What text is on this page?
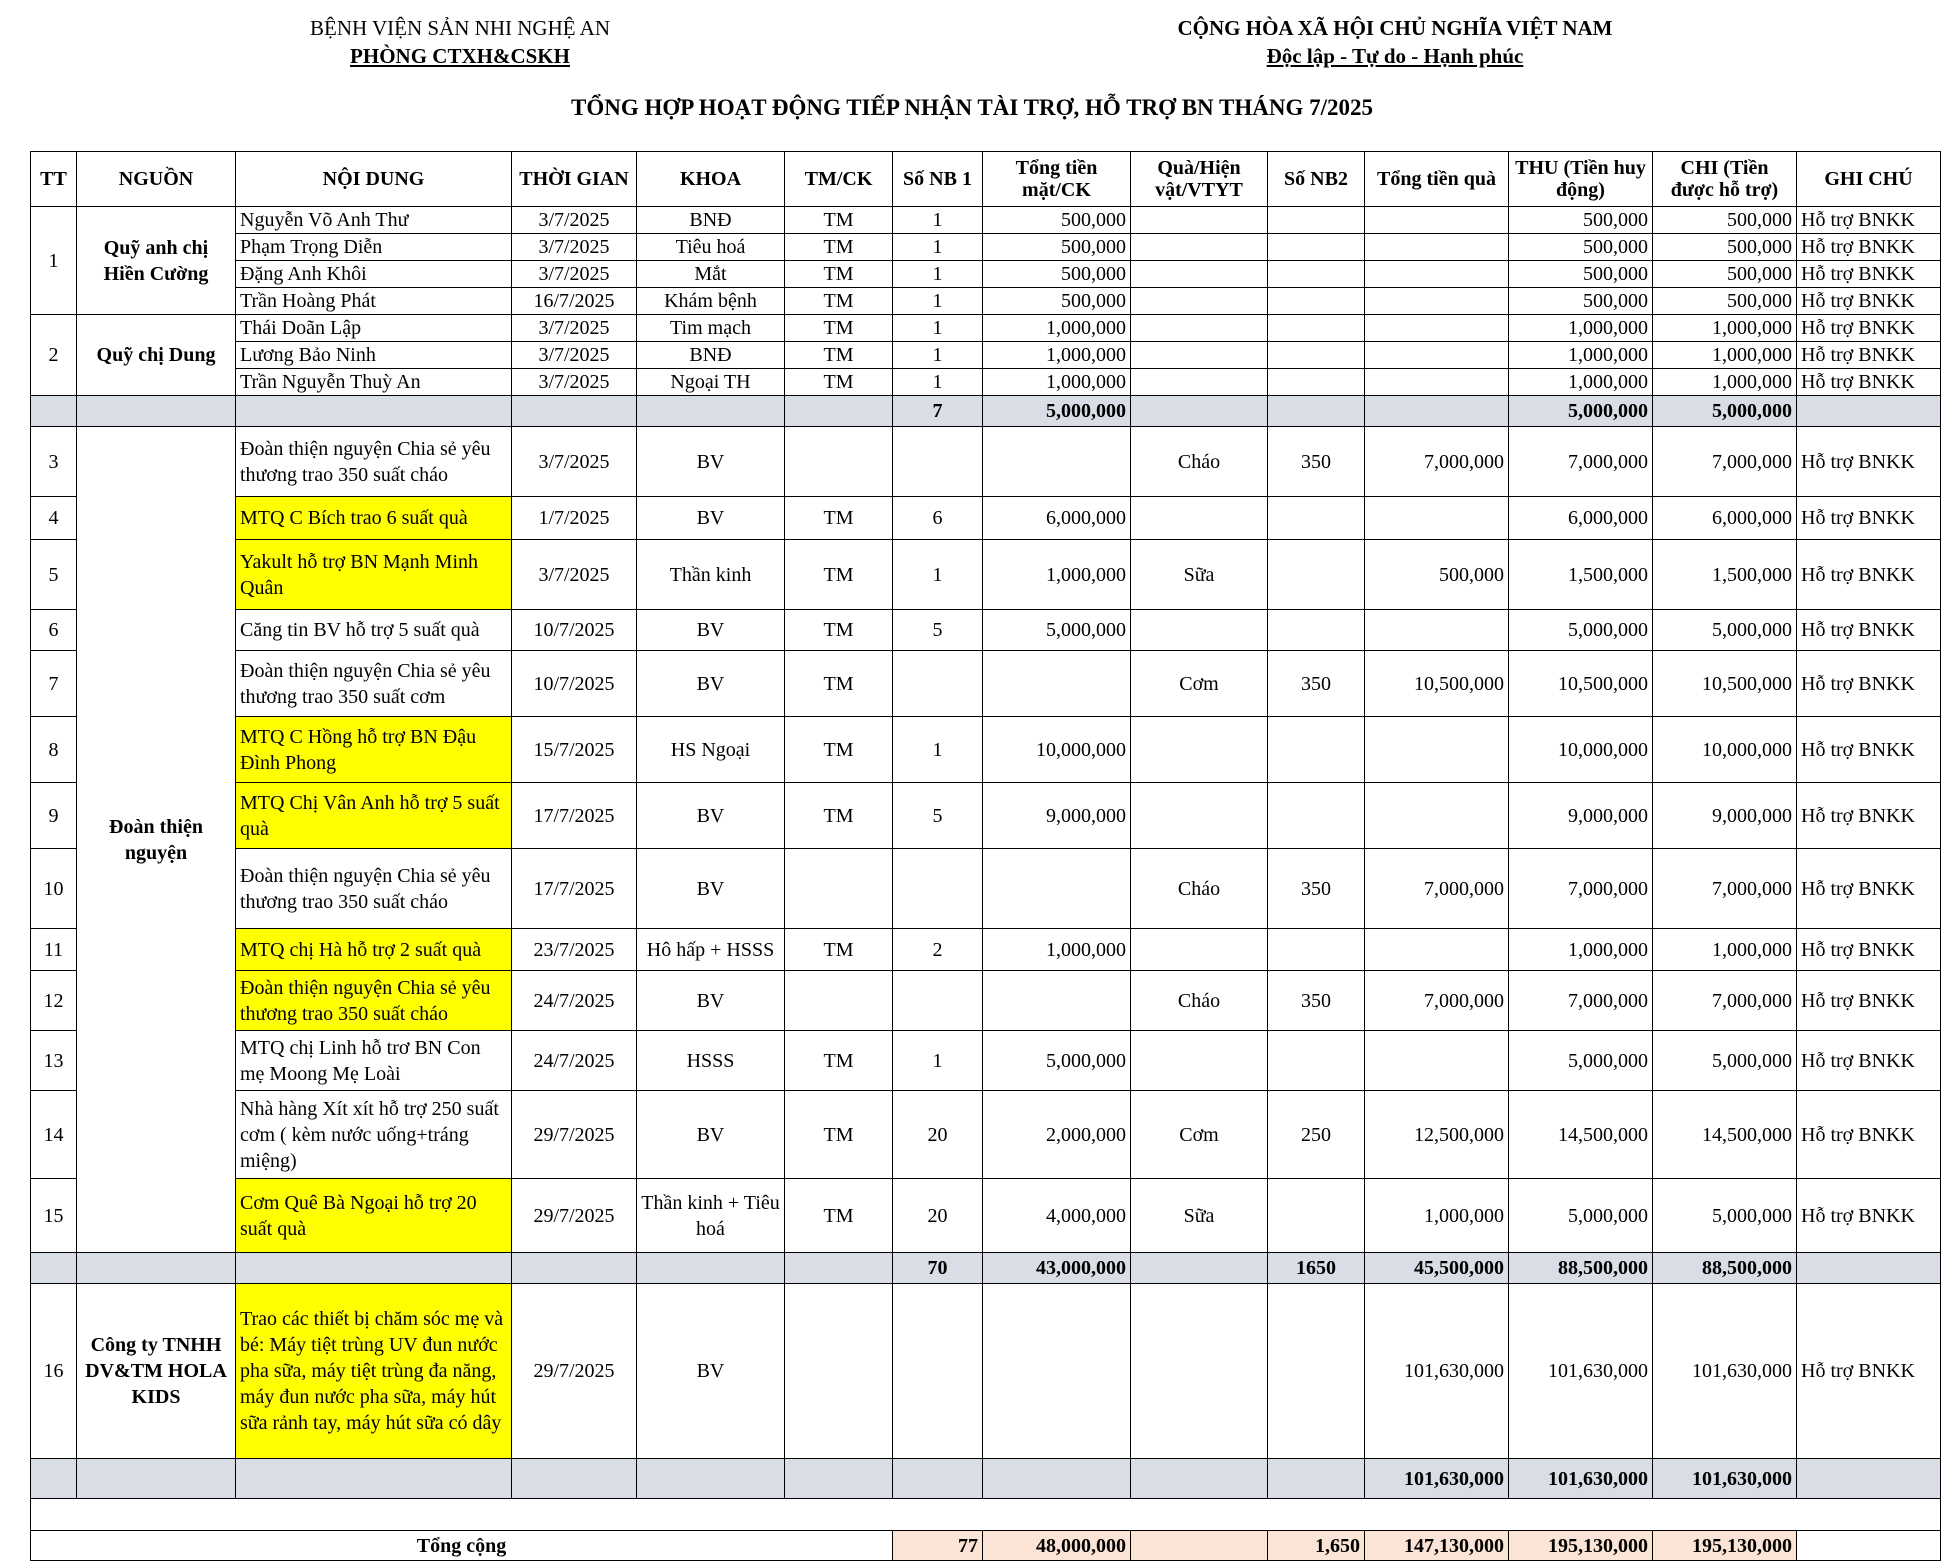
BỆNH VIỆN SẢN NHI NGHỆ AN
PHÒNG CTXH&CSKH
CỘNG HÒA XÃ HỘI CHỦ NGHĨA VIỆT NAM
Độc lập - Tự do - Hạnh phúc
TỔNG HỢP HOẠT ĐỘNG TIẾP NHẬN TÀI TRỢ, HỖ TRỢ BN THÁNG 7/2025
TT	NGUỒN	NỘI DUNG	THỜI GIAN	KHOA	TM/CK	Số NB 1	Tổng tiền mặt/CK	Quà/Hiện vật/VTYT	Số NB2	Tổng tiền quà	THU (Tiền huy động)	CHI (Tiền được hỗ trợ)	GHI CHÚ
1	Quỹ anh chị Hiền Cường	Nguyễn Võ Anh Thư	3/7/2025	BNĐ	TM	1	500,000				500,000	500,000	Hỗ trợ BNKK
		Phạm Trọng Diễn	3/7/2025	Tiêu hoá	TM	1	500,000				500,000	500,000	Hỗ trợ BNKK
		Đặng Anh Khôi	3/7/2025	Mắt	TM	1	500,000				500,000	500,000	Hỗ trợ BNKK
		Trần Hoàng Phát	16/7/2025	Khám bệnh	TM	1	500,000				500,000	500,000	Hỗ trợ BNKK
2	Quỹ chị Dung	Thái Doãn Lập	3/7/2025	Tim mạch	TM	1	1,000,000				1,000,000	1,000,000	Hỗ trợ BNKK
		Lương Bảo Ninh	3/7/2025	BNĐ	TM	1	1,000,000				1,000,000	1,000,000	Hỗ trợ BNKK
		Trần Nguyễn Thuỳ An	3/7/2025	Ngoại TH	TM	1	1,000,000				1,000,000	1,000,000	Hỗ trợ BNKK
						7	5,000,000				5,000,000	5,000,000	
3	Đoàn thiện nguyện	Đoàn thiện nguyện Chia sẻ yêu thương trao 350 suất cháo	3/7/2025	BV				Cháo	350	7,000,000	7,000,000	7,000,000	Hỗ trợ BNKK
4		MTQ C Bích trao 6 suất quà	1/7/2025	BV	TM	6	6,000,000				6,000,000	6,000,000	Hỗ trợ BNKK
5		Yakult hỗ trợ BN Mạnh Minh Quân	3/7/2025	Thần kinh	TM	1	1,000,000	Sữa		500,000	1,500,000	1,500,000	Hỗ trợ BNKK
6		Căng tin BV hỗ trợ 5 suất quà	10/7/2025	BV	TM	5	5,000,000				5,000,000	5,000,000	Hỗ trợ BNKK
7		Đoàn thiện nguyện Chia sẻ yêu thương trao 350 suất cơm	10/7/2025	BV	TM			Cơm	350	10,500,000	10,500,000	10,500,000	Hỗ trợ BNKK
8		MTQ C Hồng hỗ trợ BN Đậu Đình Phong	15/7/2025	HS Ngoại	TM	1	10,000,000				10,000,000	10,000,000	Hỗ trợ BNKK
9		MTQ Chị Vân Anh hỗ trợ 5 suất quà	17/7/2025	BV	TM	5	9,000,000				9,000,000	9,000,000	Hỗ trợ BNKK
10		Đoàn thiện nguyện Chia sẻ yêu thương trao 350 suất cháo	17/7/2025	BV				Cháo	350	7,000,000	7,000,000	7,000,000	Hỗ trợ BNKK
11		MTQ chị Hà hỗ trợ 2 suất quà	23/7/2025	Hô hấp + HSSS	TM	2	1,000,000				1,000,000	1,000,000	Hỗ trợ BNKK
12		Đoàn thiện nguyện Chia sẻ yêu thương trao 350 suất cháo	24/7/2025	BV				Cháo	350	7,000,000	7,000,000	7,000,000	Hỗ trợ BNKK
13		MTQ chị Linh hỗ trơ BN Con mẹ Moong Mẹ Loài	24/7/2025	HSSS	TM	1	5,000,000				5,000,000	5,000,000	Hỗ trợ BNKK
14		Nhà hàng Xít xít hỗ trợ 250 suất cơm ( kèm nước uống+tráng miệng)	29/7/2025	BV	TM	20	2,000,000	Cơm	250	12,500,000	14,500,000	14,500,000	Hỗ trợ BNKK
15		Cơm Quê Bà Ngoại hỗ trợ 20 suất quà	29/7/2025	Thần kinh + Tiêu hoá	TM	20	4,000,000	Sữa		1,000,000	5,000,000	5,000,000	Hỗ trợ BNKK
						70	43,000,000		1650	45,500,000	88,500,000	88,500,000	
16	Công ty TNHH DV&TM HOLA KIDS	Trao các thiết bị chăm sóc mẹ và bé: Máy tiệt trùng UV đun nước pha sữa, máy tiệt trùng đa năng, máy đun nước pha sữa, máy hút sữa rảnh tay, máy hút sữa có dây	29/7/2025	BV						101,630,000	101,630,000	101,630,000	Hỗ trợ BNKK
										101,630,000	101,630,000	101,630,000	

Tổng cộng						77	48,000,000		1,650	147,130,000	195,130,000	195,130,000	
